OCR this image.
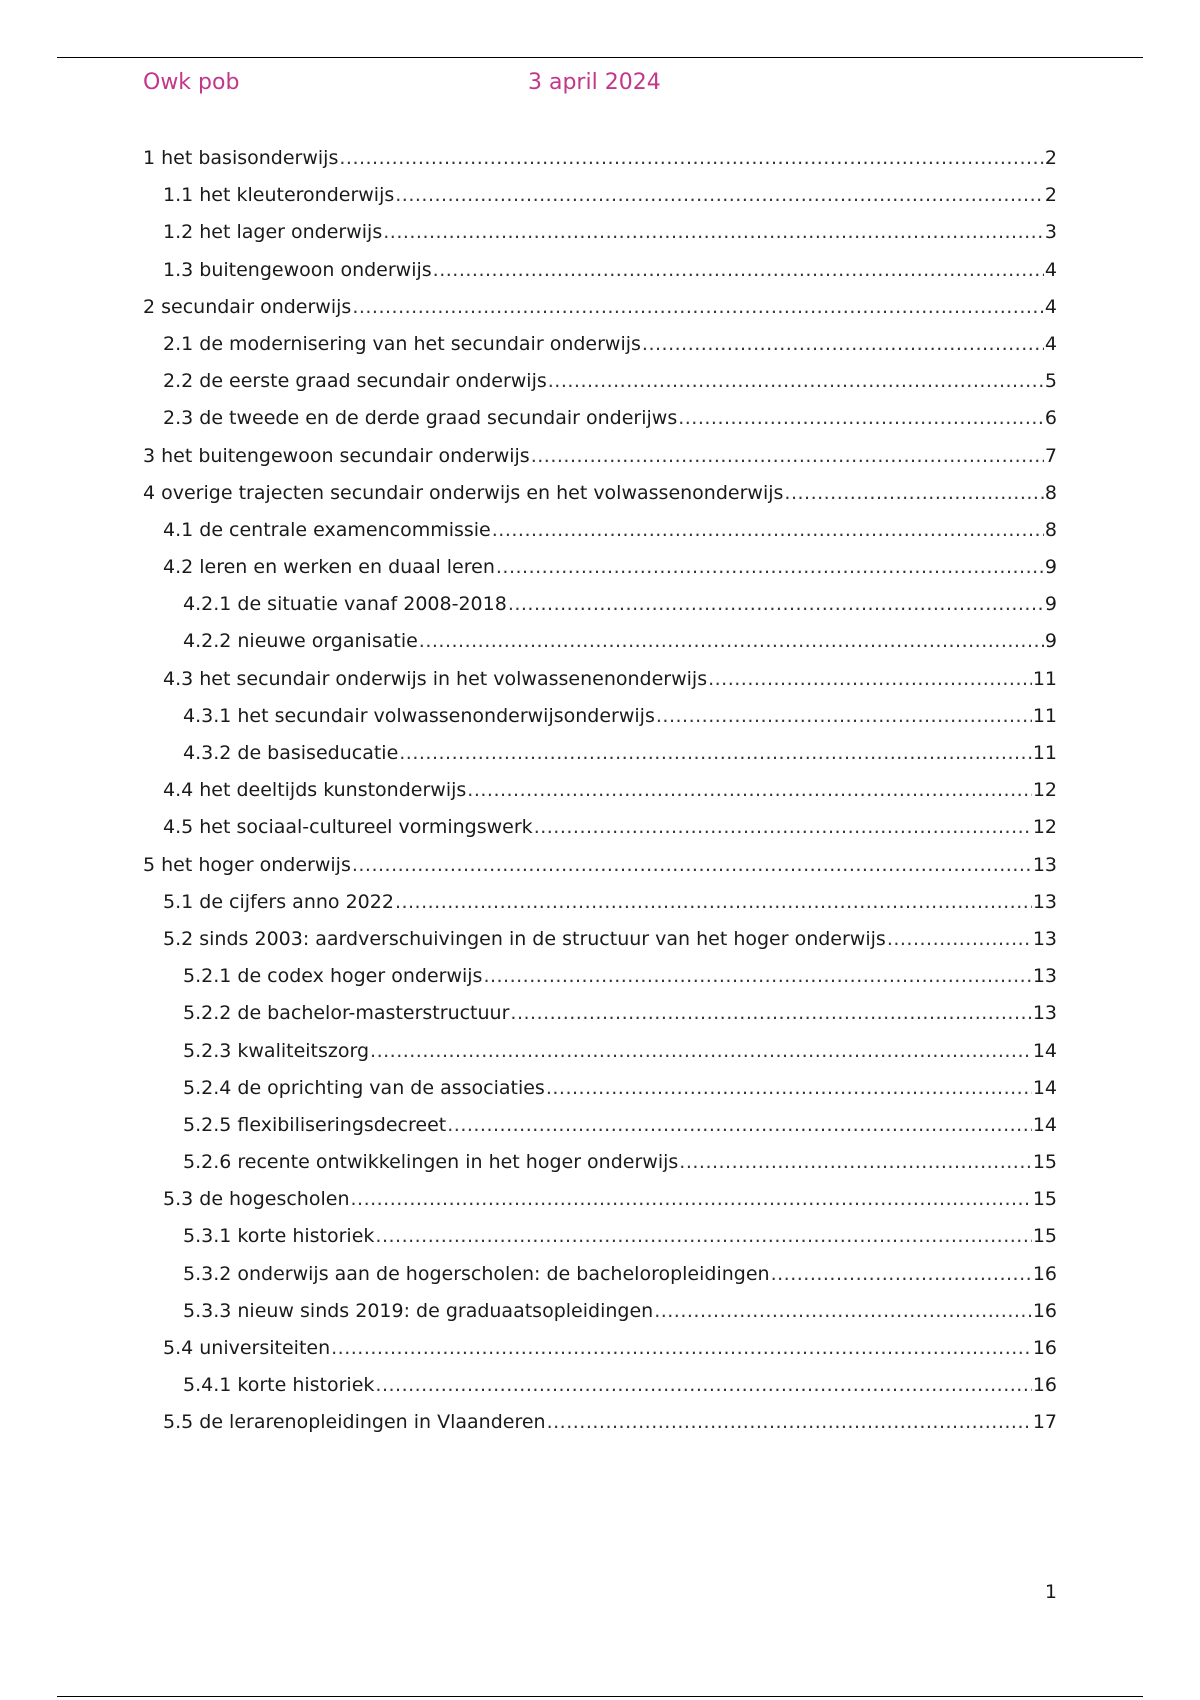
Owk pob	3 april 2024
1 het basisonderwijs .....	2
1.1 het kleuteronderwijs .....	2
1.2 het lager onderwijs .....	3
1.3 buitengewoon onderwijs .....	4
2 secundair onderwijs .....	4
2.1 de modernisering van het secundair onderwijs .....	4
2.2 de eerste graad secundair onderwijs .....	5
2.3 de tweede en de derde graad secundair onderijws .....	6
3 het buitengewoon secundair onderwijs .....	7
4 overige trajecten secundair onderwijs en het volwassenonderwijs .....	8
4.1 de centrale examencommissie .....	8
4.2 leren en werken en duaal leren .....	9
4.2.1 de situatie vanaf 2008-2018 .....	9
4.2.2 nieuwe organisatie .....	9
4.3 het secundair onderwijs in het volwassenenonderwijs .....	11
4.3.1 het secundair volwassenonderwijsonderwijs .....	11
4.3.2 de basiseducatie .....	11
4.4 het deeltijds kunstonderwijs .....	12
4.5 het sociaal-cultureel vormingswerk .....	12
5 het hoger onderwijs .....	13
5.1 de cijfers anno 2022 .....	13
5.2 sinds 2003: aardverschuivingen in de structuur van het hoger onderwijs .....	13
5.2.1 de codex hoger onderwijs .....	13
5.2.2 de bachelor-masterstructuur .....	13
5.2.3 kwaliteitszorg .....	14
5.2.4 de oprichting van de associaties .....	14
5.2.5 flexibiliseringsdecreet .....	14
5.2.6 recente ontwikkelingen in het hoger onderwijs .....	15
5.3 de hogescholen .....	15
5.3.1 korte historiek .....	15
5.3.2 onderwijs aan de hogerscholen: de bacheloropleidingen .....	16
5.3.3 nieuw sinds 2019: de graduaatsopleidingen .....	16
5.4 universiteiten .....	16
5.4.1 korte historiek .....	16
5.5 de lerarenopleidingen in Vlaanderen .....	17
1
